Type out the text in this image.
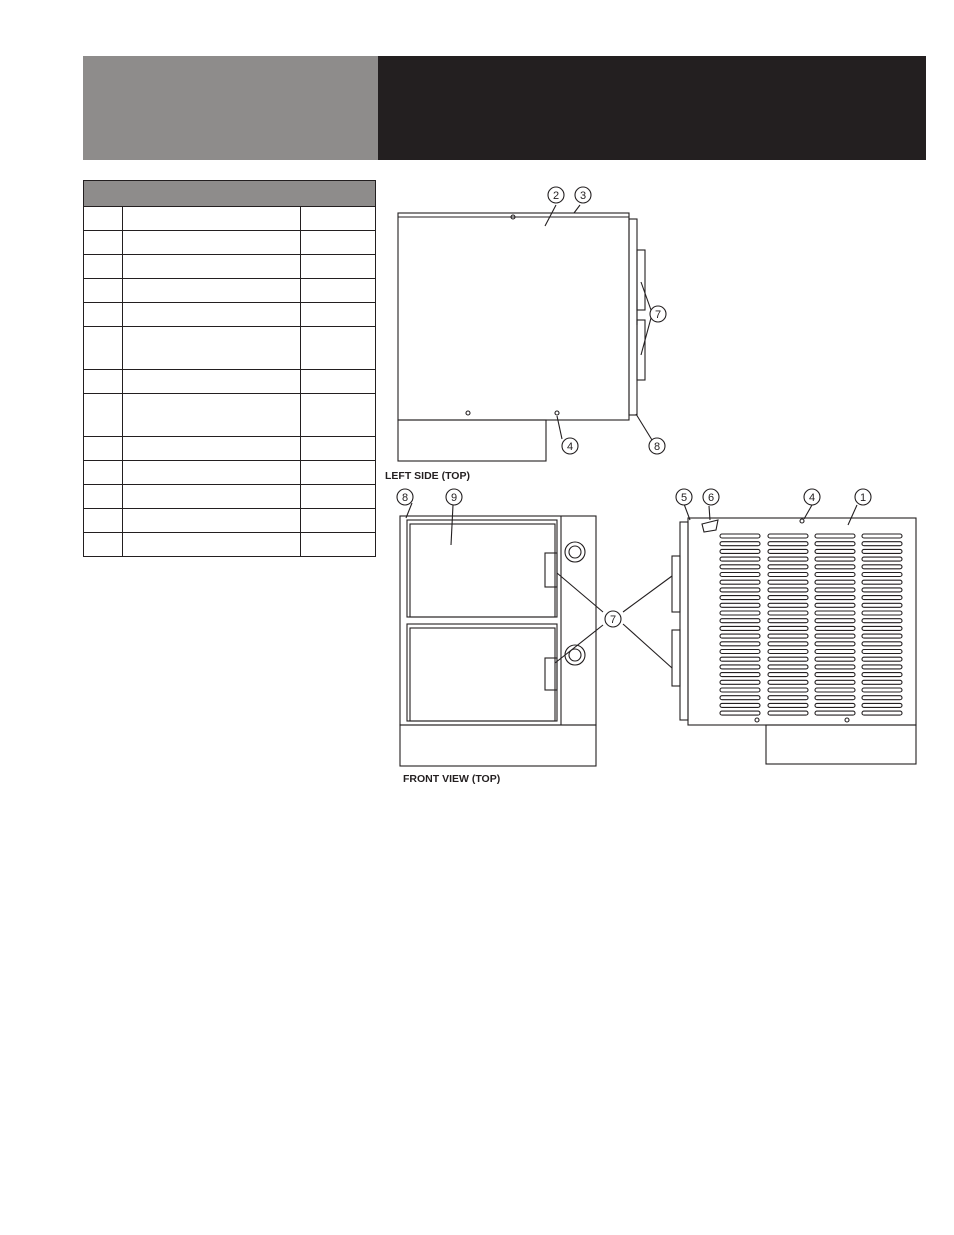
2 3
7
4	8
8	9
7
5 6	4	1
LEFT SIDE (TOP)
FRONT VIEW (TOP)
